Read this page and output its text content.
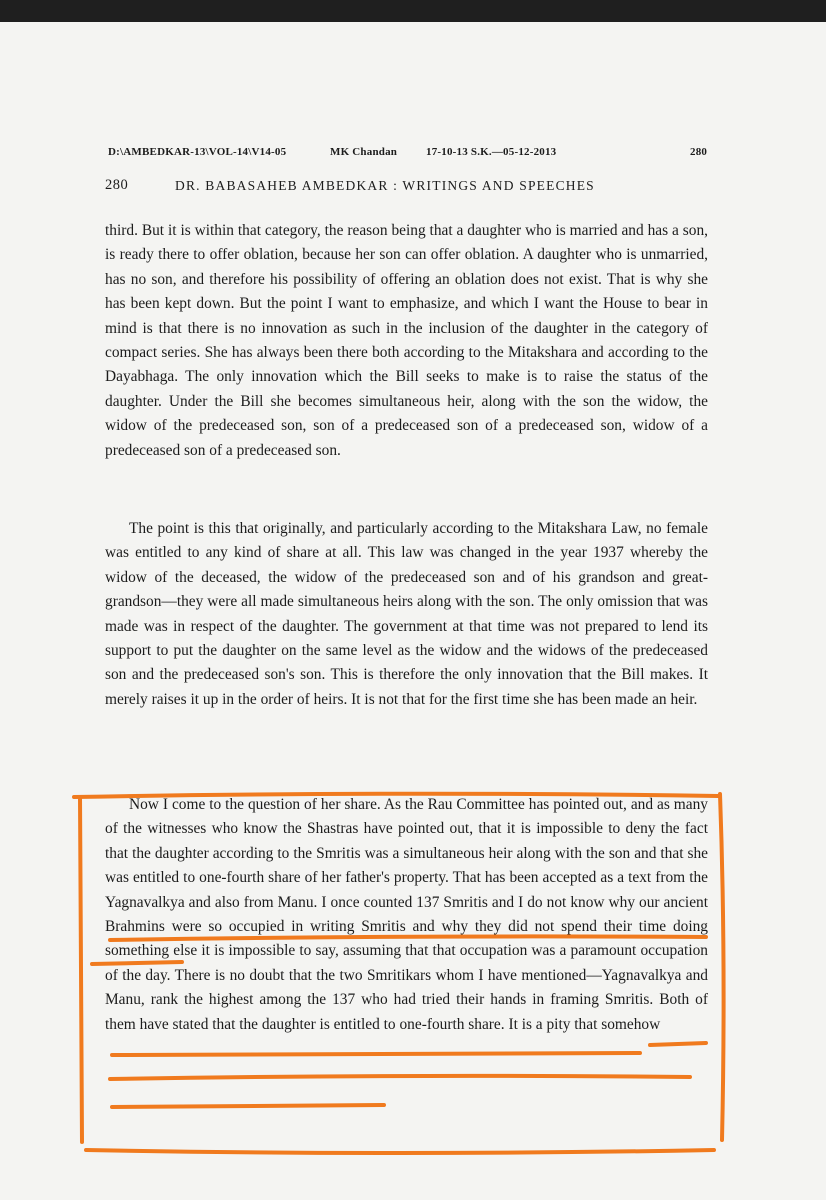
D:\AMBEDKAR-13\VOL-14\V14-05	MK Chandan	17-10-13 S.K.—05-12-2013	280
280	DR. BABASAHEB AMBEDKAR : WRITINGS AND SPEECHES

third. But it is within that category, the reason being that a daughter who is married and has a son, is ready there to offer oblation, because her son can offer oblation. A daughter who is unmarried, has no son, and therefore his possibility of offering an oblation does not exist. That is why she has been kept down. But the point I want to emphasize, and which I want the House to bear in mind is that there is no innovation as such in the inclusion of the daughter in the category of compact series. She has always been there both according to the Mitakshara and according to the Dayabhaga. The only innovation which the Bill seeks to make is to raise the status of the daughter. Under the Bill she becomes simultaneous heir, along with the son the widow, the widow of the predeceased son, son of a predeceased son of a predeceased son, widow of a predeceased son of a predeceased son.

The point is this that originally, and particularly according to the Mitakshara Law, no female was entitled to any kind of share at all. This law was changed in the year 1937 whereby the widow of the deceased, the widow of the predeceased son and of his grandson and great-grandson—they were all made simultaneous heirs along with the son. The only omission that was made was in respect of the daughter. The government at that time was not prepared to lend its support to put the daughter on the same level as the widow and the widows of the predeceased son and the predeceased son's son. This is therefore the only innovation that the Bill makes. It merely raises it up in the order of heirs. It is not that for the first time she has been made an heir.

Now I come to the question of her share. As the Rau Committee has pointed out, and as many of the witnesses who know the Shastras have pointed out, that it is impossible to deny the fact that the daughter according to the Smritis was a simultaneous heir along with the son and that she was entitled to one-fourth share of her father's property. That has been accepted as a text from the Yagnavalkya and also from Manu. I once counted 137 Smritis and I do not know why our ancient Brahmins were so occupied in writing Smritis and why they did not spend their time doing something else it is impossible to say, assuming that that occupation was a paramount occupation of the day. There is no doubt that the two Smritikars whom I have mentioned—Yagnavalkya and Manu, rank the highest among the 137 who had tried their hands in framing Smritis. Both of them have stated that the daughter is entitled to one-fourth share. It is a pity that somehow
